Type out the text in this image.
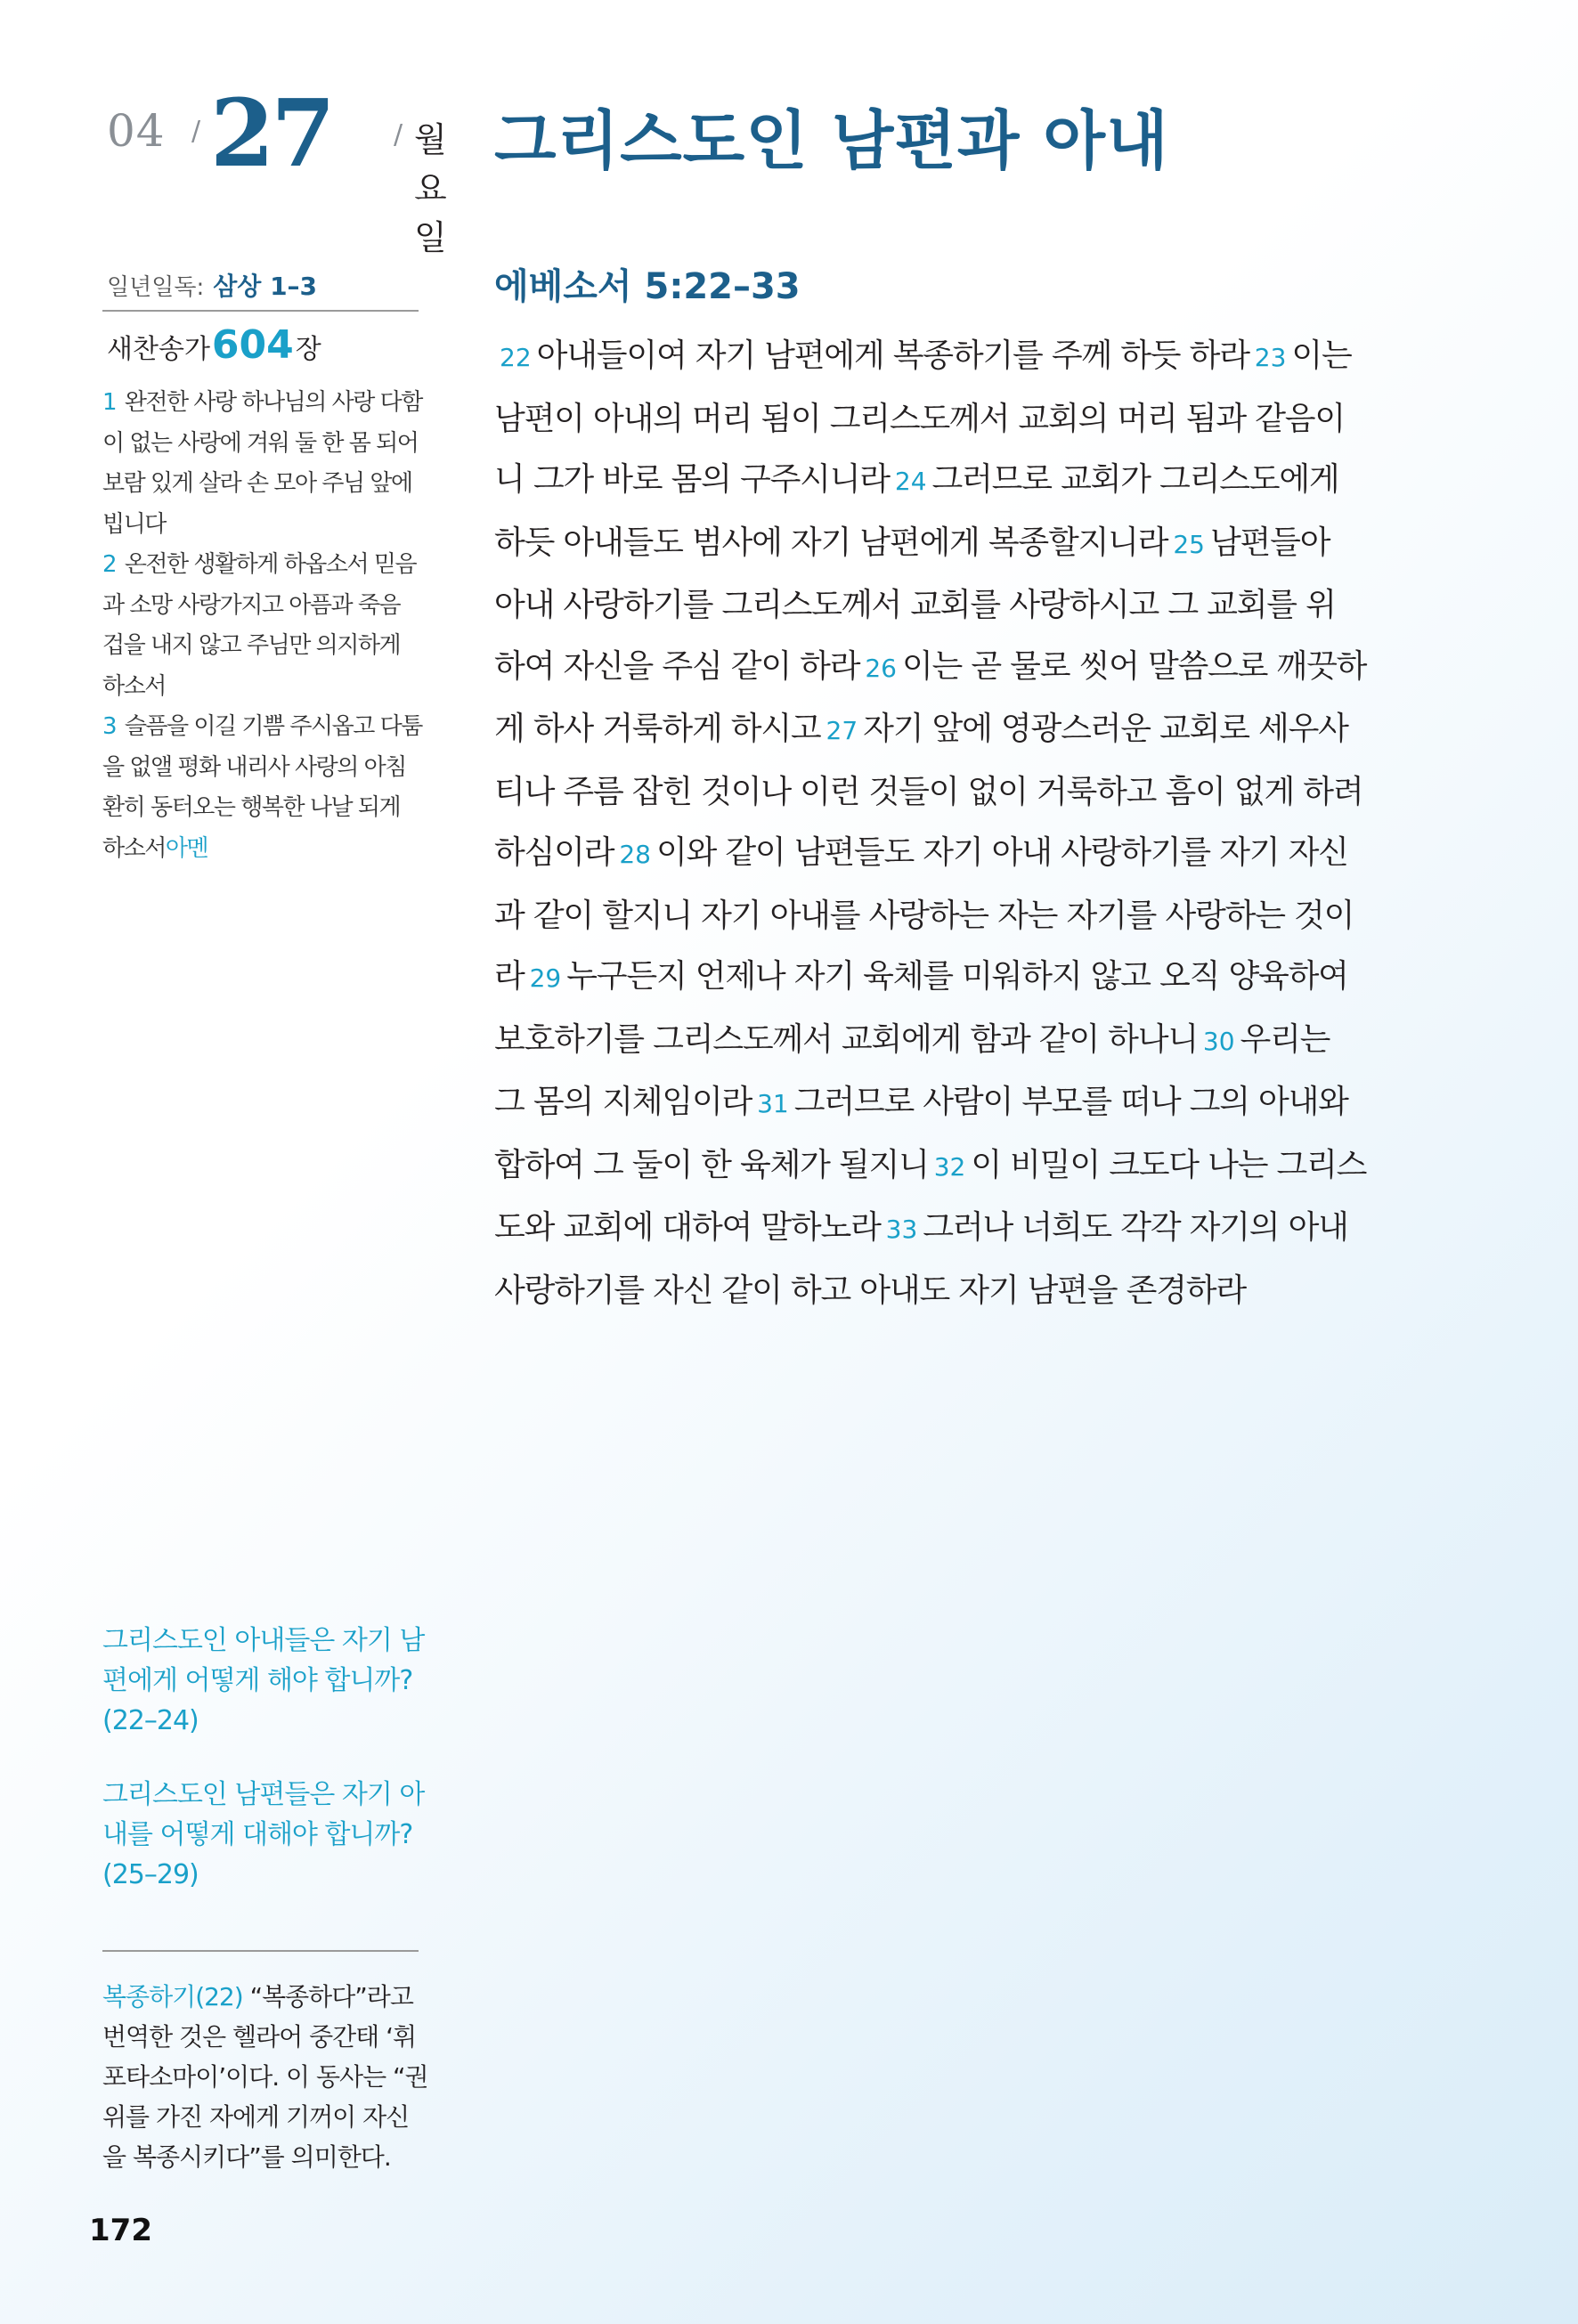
04 / 27 / 월요일
그리스도인 남편과 아내
일년일독: 삼상 1–3
새찬송가604장
1 완전한 사랑 하나님의 사랑 다함
이 없는 사랑에 겨워 둘 한 몸 되어
보람 있게 살라 손 모아 주님 앞에
빕니다
2 온전한 생활하게 하옵소서 믿음
과 소망 사랑가지고 아픔과 죽음
겁을 내지 않고 주님만 의지하게
하소서
3 슬픔을 이길 기쁨 주시옵고 다툼
을 없앨 평화 내리사 사랑의 아침
환히 동터오는 행복한 나날 되게
하소서아멘
그리스도인 아내들은 자기 남
편에게 어떻게 해야 합니까?
(22–24)
그리스도인 남편들은 자기 아
내를 어떻게 대해야 합니까?
(25–29)
복종하기(22) “복종하다”라고
번역한 것은 헬라어 중간태 ‘휘
포타소마이’이다. 이 동사는 “권
위를 가진 자에게 기꺼이 자신
을 복종시키다”를 의미한다.
172
에베소서 5:22–33
22 아내들이여 자기 남편에게 복종하기를 주께 하듯 하라 23 이는
남편이 아내의 머리 됨이 그리스도께서 교회의 머리 됨과 같음이
니 그가 바로 몸의 구주시니라 24 그러므로 교회가 그리스도에게
하듯 아내들도 범사에 자기 남편에게 복종할지니라 25 남편들아
아내 사랑하기를 그리스도께서 교회를 사랑하시고 그 교회를 위
하여 자신을 주심 같이 하라 26 이는 곧 물로 씻어 말씀으로 깨끗하
게 하사 거룩하게 하시고 27 자기 앞에 영광스러운 교회로 세우사
티나 주름 잡힌 것이나 이런 것들이 없이 거룩하고 흠이 없게 하려
하심이라 28 이와 같이 남편들도 자기 아내 사랑하기를 자기 자신
과 같이 할지니 자기 아내를 사랑하는 자는 자기를 사랑하는 것이
라 29 누구든지 언제나 자기 육체를 미워하지 않고 오직 양육하여
보호하기를 그리스도께서 교회에게 함과 같이 하나니 30 우리는
그 몸의 지체임이라 31 그러므로 사람이 부모를 떠나 그의 아내와
합하여 그 둘이 한 육체가 될지니 32 이 비밀이 크도다 나는 그리스
도와 교회에 대하여 말하노라 33 그러나 너희도 각각 자기의 아내
사랑하기를 자신 같이 하고 아내도 자기 남편을 존경하라
